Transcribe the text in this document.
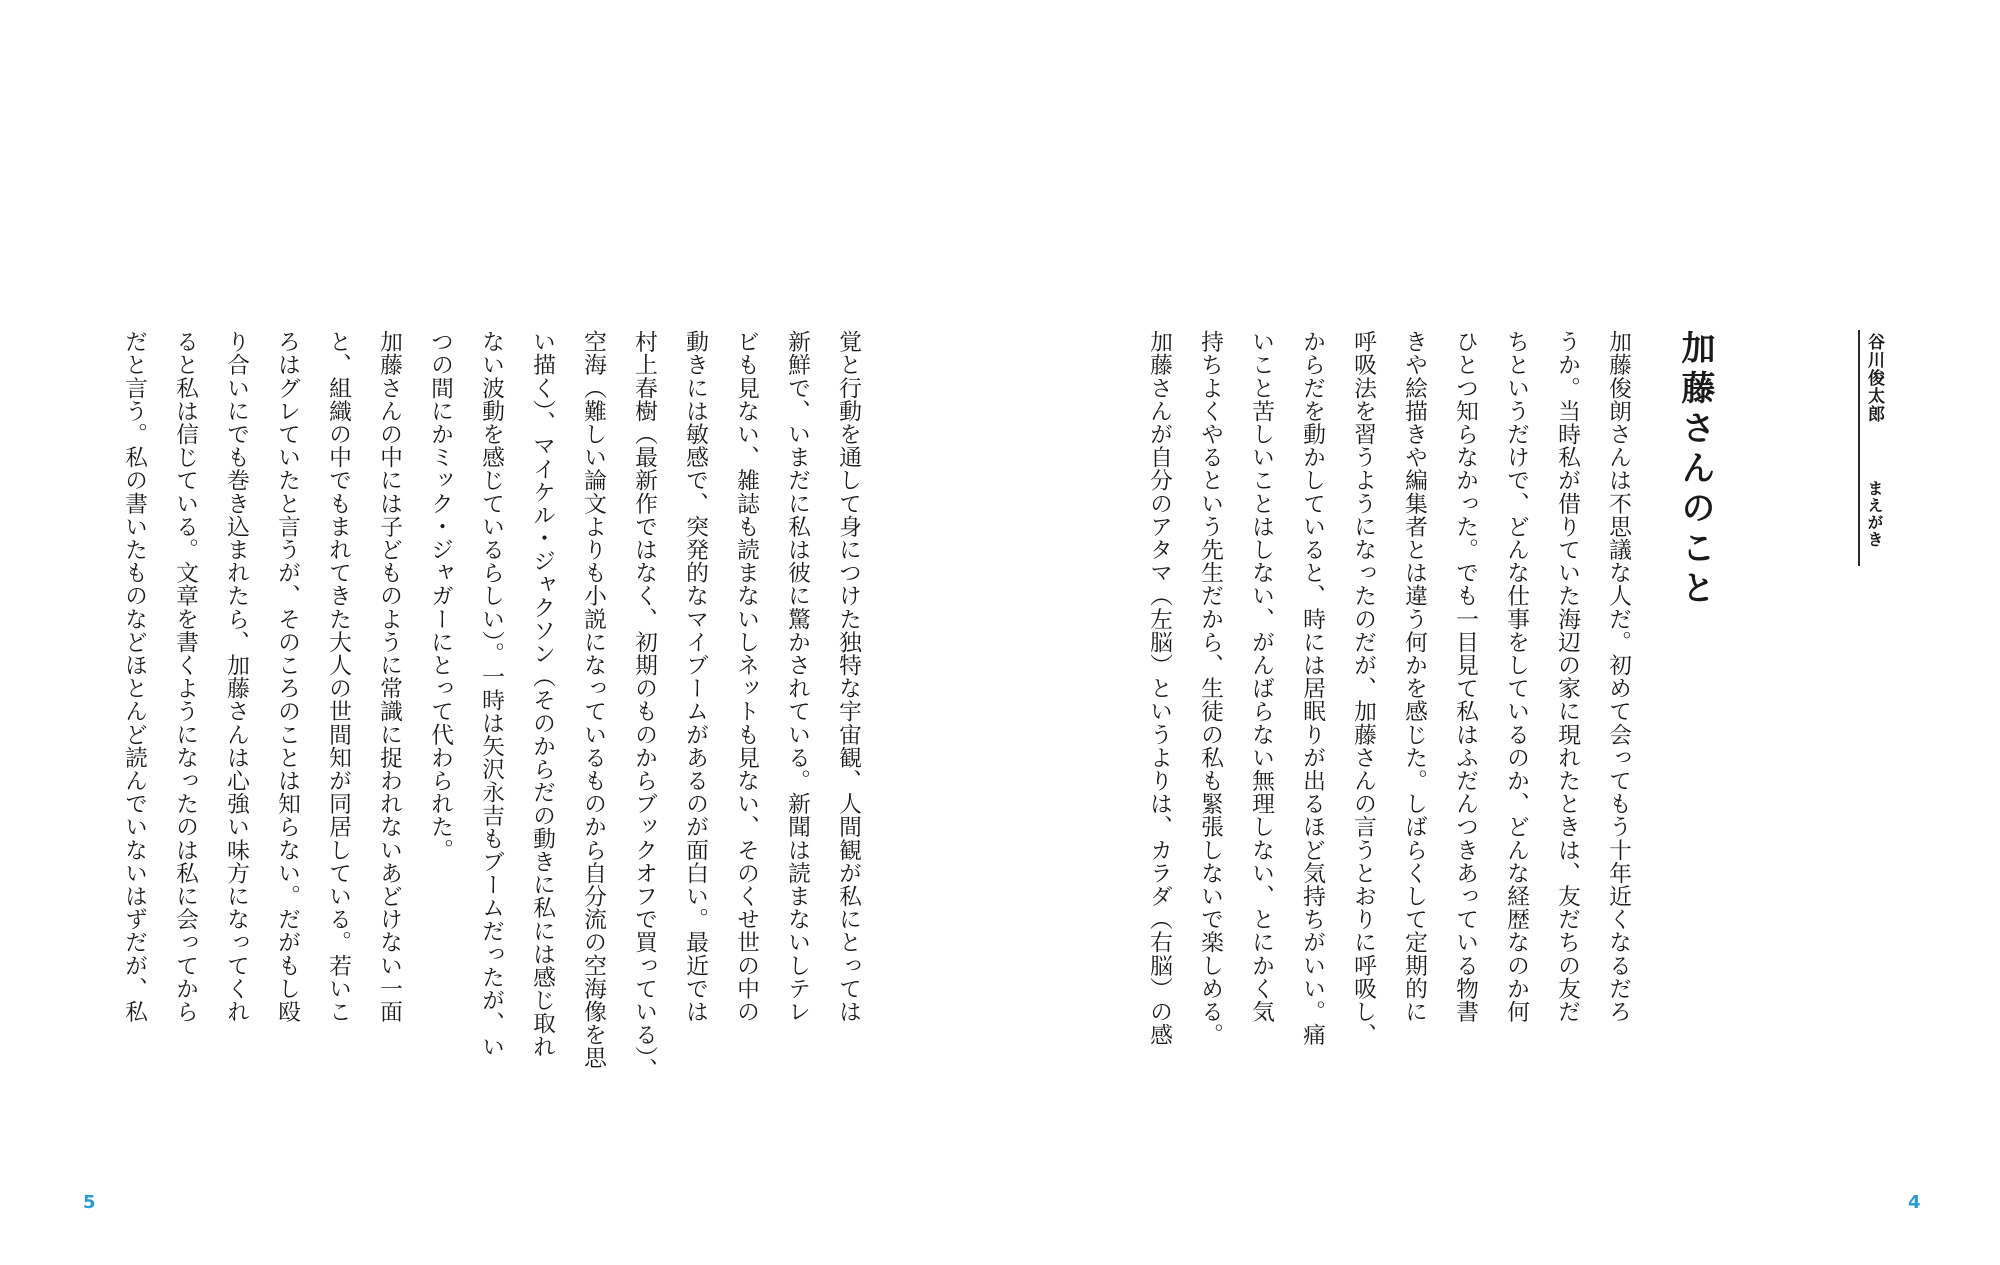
谷川俊太郎
まえがき
加藤さんのこと
加藤俊朗さんは不思議な人だ。初めて会ってもう十年近くなるだろ
うか。当時私が借りていた海辺の家に現れたときは、友だちの友だ
ちというだけで、どんな仕事をしているのか、どんな経歴なのか何
ひとつ知らなかった。でも一目見て私はふだんつきあっている物書
きや絵描きや編集者とは違う何かを感じた。しばらくして定期的に
呼吸法を習うようになったのだが、加藤さんの言うとおりに呼吸し、
からだを動かしていると、時には居眠りが出るほど気持ちがいい。痛
いこと苦しいことはしない、がんばらない無理しない、とにかく気
持ちよくやるという先生だから、生徒の私も緊張しないで楽しめる。
加藤さんが自分のアタマ（左脳）というよりは、カラダ（右脳）の感
覚と行動を通して身につけた独特な宇宙観、人間観が私にとっては
新鮮で、いまだに私は彼に驚かされている。新聞は読まないしテレ
ビも見ない、雑誌も読まないしネットも見ない、そのくせ世の中の
動きには敏感で、突発的なマイブームがあるのが面白い。最近では
村上春樹（最新作ではなく、初期のものからブックオフで買っている）、
空海（難しい論文よりも小説になっているものから自分流の空海像を思
い描く）、マイケル・ジャクソン（そのからだの動きに私には感じ取れ
ない波動を感じているらしい）。一時は矢沢永吉もブームだったが、い
つの間にかミック・ジャガーにとって代わられた。
加藤さんの中には子どものように常識に捉われないあどけない一面
と、組織の中でもまれてきた大人の世間知が同居している。若いこ
ろはグレていたと言うが、そのころのことは知らない。だがもし殴
り合いにでも巻き込まれたら、加藤さんは心強い味方になってくれ
ると私は信じている。文章を書くようになったのは私に会ってから
だと言う。私の書いたものなどほとんど読んでいないはずだが、私
5	4
